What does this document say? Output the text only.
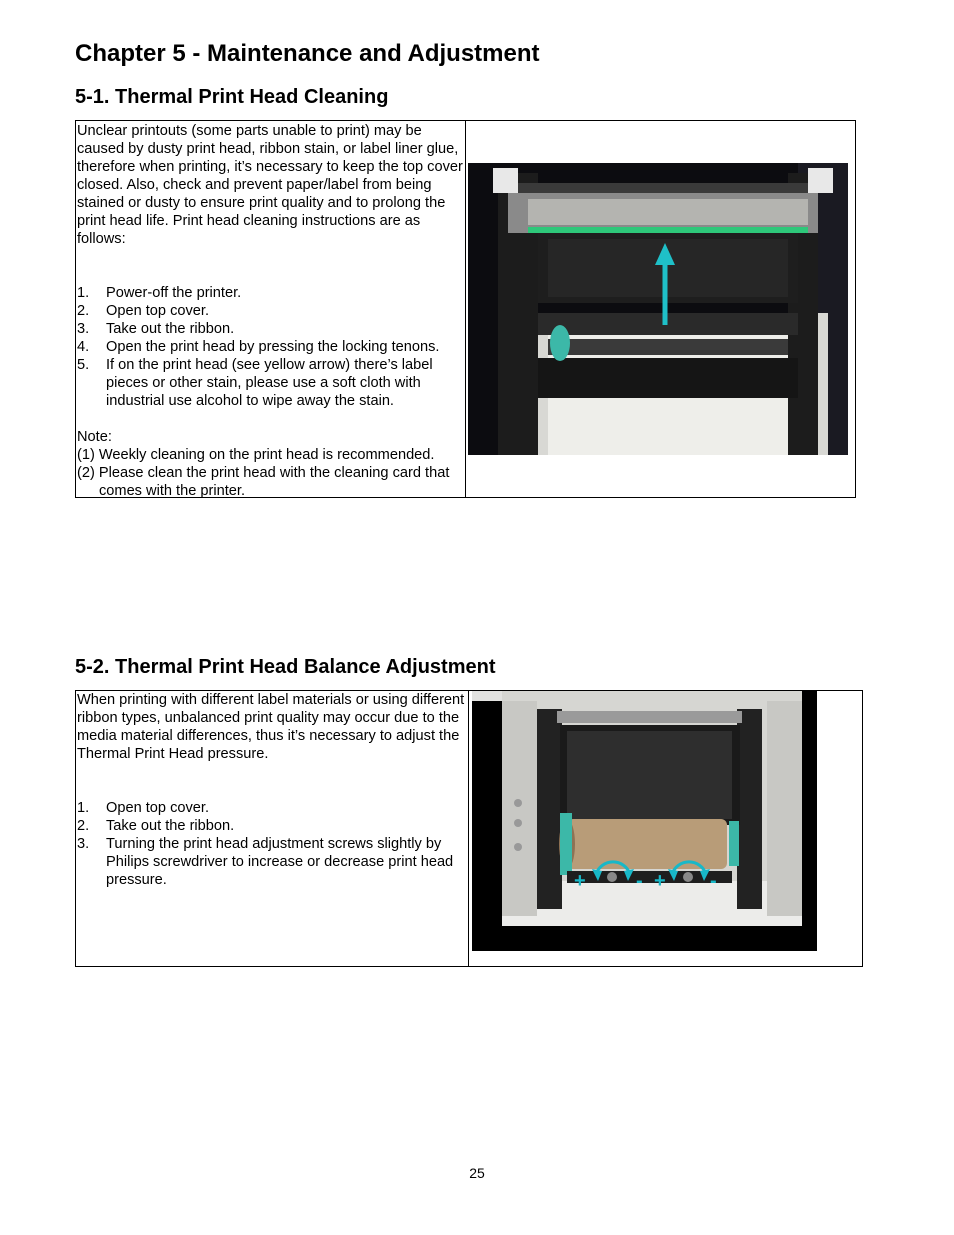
Chapter 5 - Maintenance and Adjustment
5-1. Thermal Print Head Cleaning

Unclear printouts (some parts unable to print) may be caused by dusty print head, ribbon stain, or label liner glue, therefore when printing, it’s necessary to keep the top cover closed. Also, check and prevent paper/label from being stained or dusty to ensure print quality and to prolong the print head life. Print head cleaning instructions are as follows:

1. Power-off the printer.
2. Open top cover.
3. Take out the ribbon.
4. Open the print head by pressing the locking tenons.
5. If on the print head (see yellow arrow) there’s label pieces or other stain, please use a soft cloth with industrial use alcohol to wipe away the stain.

Note:

(1) Weekly cleaning on the print head is recommended.

(2) Please clean the print head with the cleaning card that comes with the printer.

5-2. Thermal Print Head Balance Adjustment

When printing with different label materials or using different ribbon types, unbalanced print quality may occur due to the media material differences, thus it’s necessary to adjust the Thermal Print Head pressure.

1. Open top cover.
2. Take out the ribbon.
3. Turning the print head adjustment screws slightly by Philips screwdriver to increase or decrease print head pressure.	+	- + -
25
